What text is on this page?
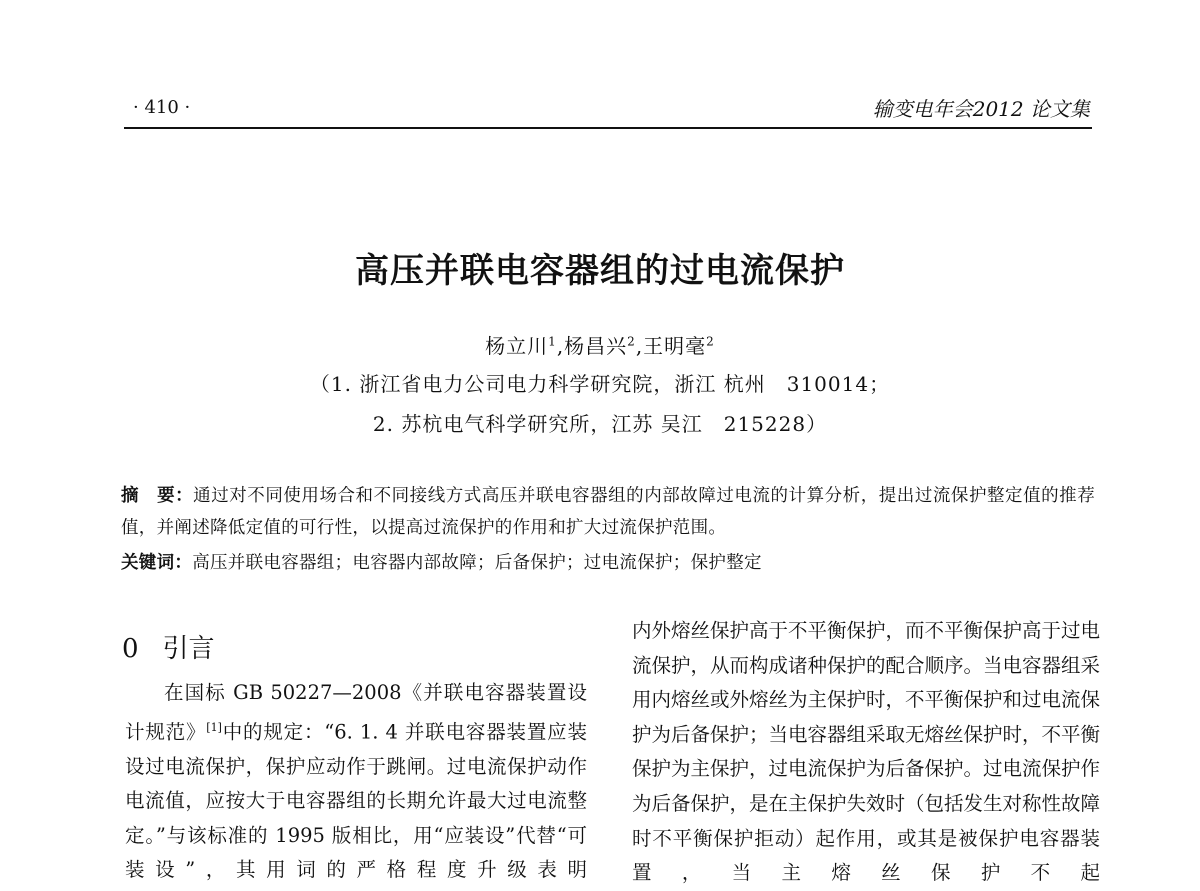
· 410 ·	输变电年会2012 论文集
高压并联电容器组的过电流保护
杨立川$^1$,杨昌兴$^2$,王明毫$^2$
（1. 浙江省电力公司电力科学研究院，浙江 杭州　310014；
2. 苏杭电气科学研究所，江苏 吴江　215228）
摘　要：通过对不同使用场合和不同接线方式高压并联电容器组的内部故障过电流的计算分析，提出过流保护整定值的推荐值，并阐述降低定值的可行性，以提高过流保护的作用和扩大过流保护范围。
关键词：高压并联电容器组；电容器内部故障；后备保护；过电流保护；保护整定
0 引言
在国标 GB 50227—2008《并联电容器装置设计规范》[1]中的规定：“6. 1. 4 并联电容器装置应装设过电流保护，保护应动作于跳闸。过电流保护动作电流值，应按大于电容器组的长期允许最大过电流整定。”与该标准的 1995 版相比，用“应装设”代替“可装设”，其用词的严格程度升级表明
内外熔丝保护高于不平衡保护，而不平衡保护高于过电流保护，从而构成诸种保护的配合顺序。当电容器组采用内熔丝或外熔丝为主保护时，不平衡保护和过电流保护为后备保护；当电容器组采取无熔丝保护时，不平衡保护为主保护，过电流保护为后备保护。过电流保护作为后备保护，是在主保护失效时（包括发生对称性故障时不平衡保护拒动）起作用，或其是被保护电容器装置，当主熔丝保护不起
